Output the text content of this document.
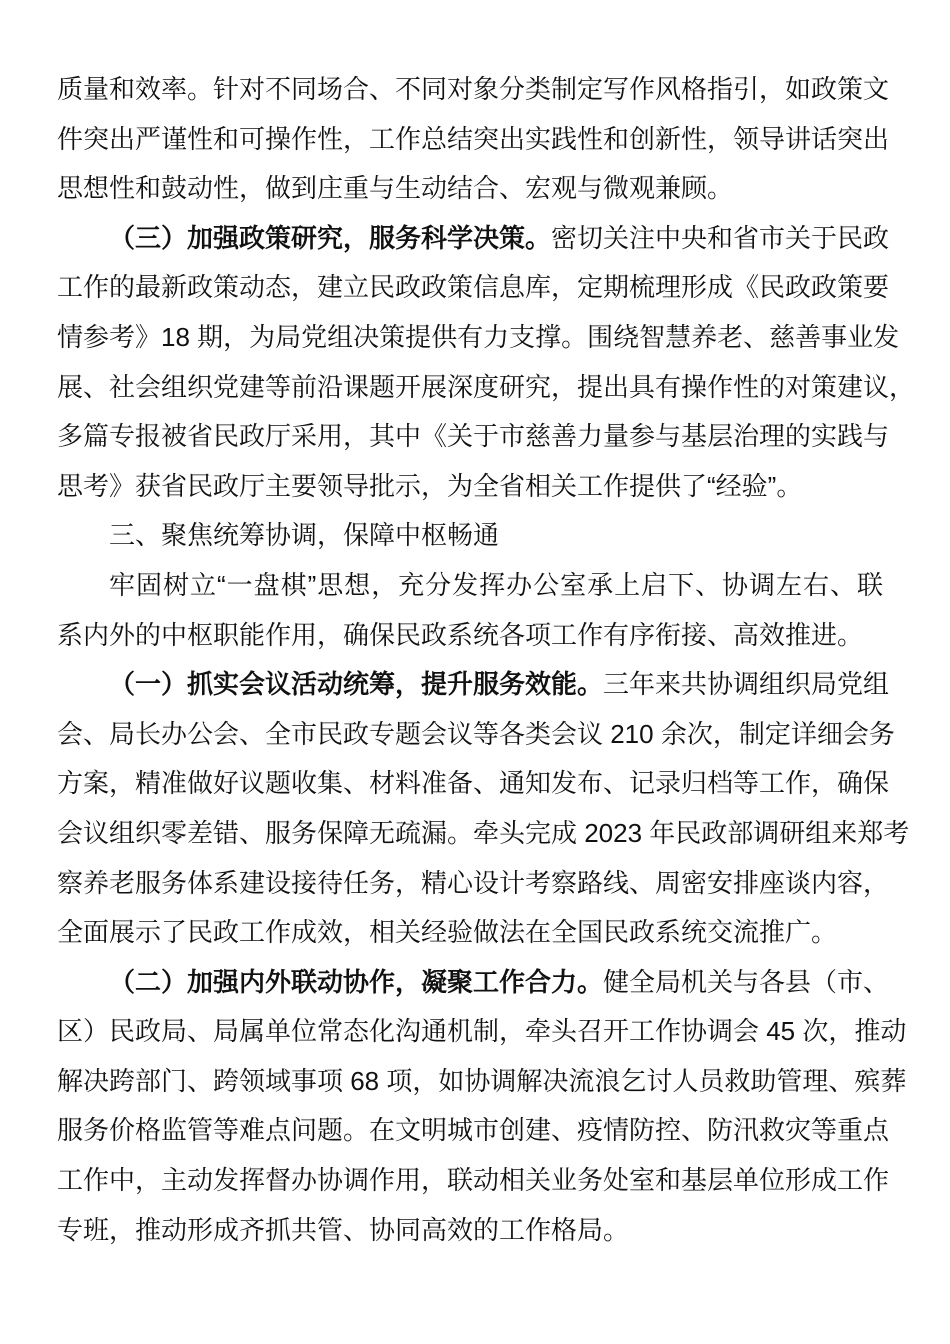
质量和效率。针对不同场合、不同对象分类制定写作风格指引，如政策文
件突出严谨性和可操作性，工作总结突出实践性和创新性，领导讲话突出
思想性和鼓动性，做到庄重与生动结合、宏观与微观兼顾。
（三）加强政策研究，服务科学决策。密切关注中央和省市关于民政
工作的最新政策动态，建立民政政策信息库，定期梳理形成《民政政策要
情参考》18 期，为局党组决策提供有力支撑。围绕智慧养老、慈善事业发
展、社会组织党建等前沿课题开展深度研究，提出具有操作性的对策建议，
多篇专报被省民政厅采用，其中《关于市慈善力量参与基层治理的实践与
思考》获省民政厅主要领导批示，为全省相关工作提供了“经验”。
三、聚焦统筹协调，保障中枢畅通
牢固树立“一盘棋”思想，充分发挥办公室承上启下、协调左右、联
系内外的中枢职能作用，确保民政系统各项工作有序衔接、高效推进。
（一）抓实会议活动统筹，提升服务效能。三年来共协调组织局党组
会、局长办公会、全市民政专题会议等各类会议 210 余次，制定详细会务
方案，精准做好议题收集、材料准备、通知发布、记录归档等工作，确保
会议组织零差错、服务保障无疏漏。牵头完成 2023 年民政部调研组来郑考
察养老服务体系建设接待任务，精心设计考察路线、周密安排座谈内容，
全面展示了民政工作成效，相关经验做法在全国民政系统交流推广。
（二）加强内外联动协作，凝聚工作合力。健全局机关与各县（市、
区）民政局、局属单位常态化沟通机制，牵头召开工作协调会 45 次，推动
解决跨部门、跨领域事项 68 项，如协调解决流浪乞讨人员救助管理、殡葬
服务价格监管等难点问题。在文明城市创建、疫情防控、防汛救灾等重点
工作中，主动发挥督办协调作用，联动相关业务处室和基层单位形成工作
专班，推动形成齐抓共管、协同高效的工作格局。
